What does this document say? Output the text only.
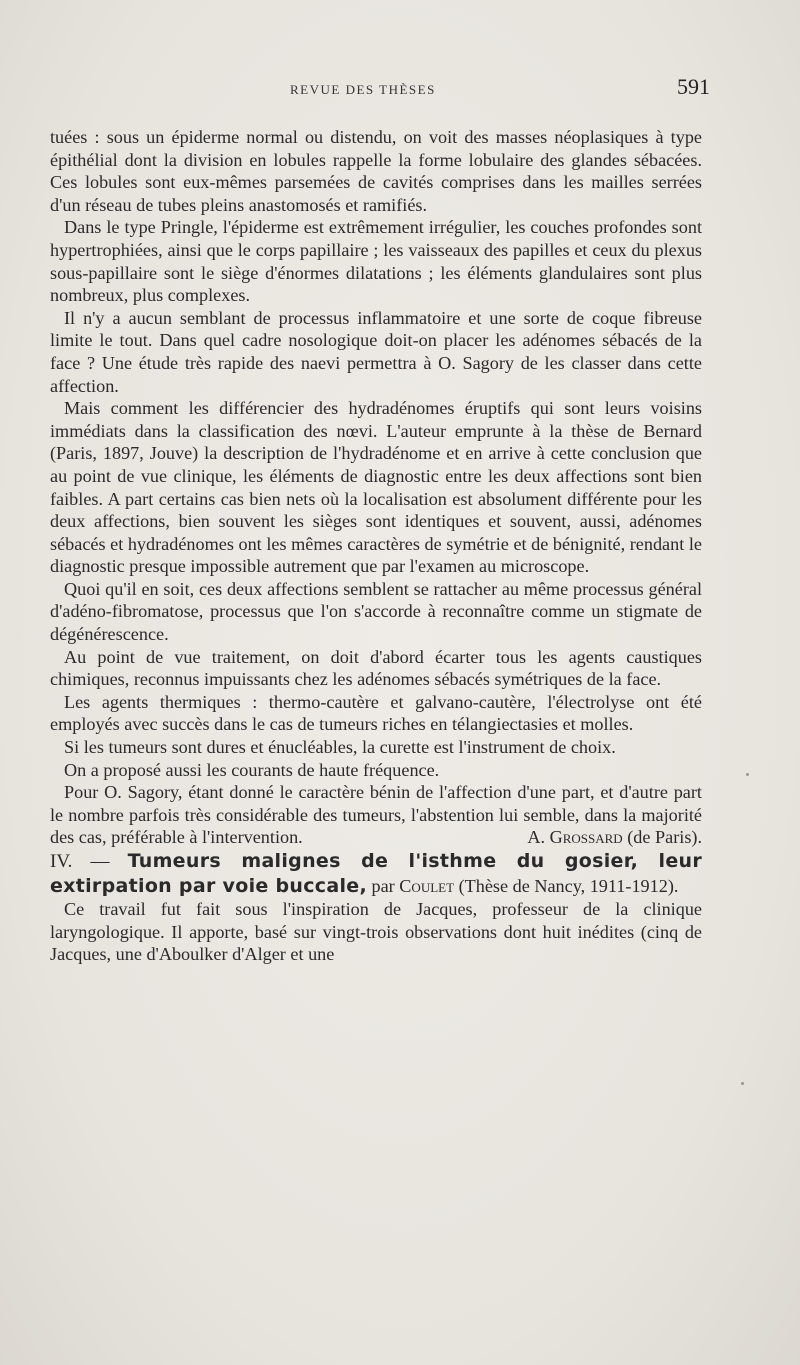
REVUE DES THÈSES	591

tuées : sous un épiderme normal ou distendu, on voit des masses néoplasiques à type épithélial dont la division en lobules rappelle la forme lobulaire des glandes sébacées. Ces lobules sont eux-mêmes parsemées de cavités comprises dans les mailles serrées d'un réseau de tubes pleins anastomosés et ramifiés.

Dans le type Pringle, l'épiderme est extrêmement irrégulier, les couches profondes sont hypertrophiées, ainsi que le corps papillaire ; les vaisseaux des papilles et ceux du plexus sous-papillaire sont le siège d'énormes dilatations ; les éléments glandulaires sont plus nombreux, plus complexes.

Il n'y a aucun semblant de processus inflammatoire et une sorte de coque fibreuse limite le tout. Dans quel cadre nosologique doit-on placer les adénomes sébacés de la face ? Une étude très rapide des naevi permettra à O. Sagory de les classer dans cette affection.

Mais comment les différencier des hydradénomes éruptifs qui sont leurs voisins immédiats dans la classification des nœvi. L'auteur emprunte à la thèse de Bernard (Paris, 1897, Jouve) la description de l'hydradénome et en arrive à cette conclusion que au point de vue clinique, les éléments de diagnostic entre les deux affections sont bien faibles. A part certains cas bien nets où la localisation est absolument différente pour les deux affections, bien souvent les sièges sont identiques et souvent, aussi, adénomes sébacés et hydradénomes ont les mêmes caractères de symétrie et de bénignité, rendant le diagnostic presque impossible autrement que par l'examen au microscope.

Quoi qu'il en soit, ces deux affections semblent se rattacher au même processus général d'adéno-fibromatose, processus que l'on s'accorde à reconnaître comme un stigmate de dégénérescence.

Au point de vue traitement, on doit d'abord écarter tous les agents caustiques chimiques, reconnus impuissants chez les adénomes sébacés symétriques de la face.

Les agents thermiques : thermo-cautère et galvano-cautère, l'électrolyse ont été employés avec succès dans le cas de tumeurs riches en télangiectasies et molles.

Si les tumeurs sont dures et énucléables, la curette est l'instrument de choix.

On a proposé aussi les courants de haute fréquence.

Pour O. Sagory, étant donné le caractère bénin de l'affection d'une part, et d'autre part le nombre parfois très considérable des tumeurs, l'abstention lui semble, dans la majorité des cas, préférable à l'intervention.	A. Grossard (de Paris).

IV. — Tumeurs malignes de l'isthme du gosier, leur extirpation par voie buccale, par Coulet (Thèse de Nancy, 1911-1912).

Ce travail fut fait sous l'inspiration de Jacques, professeur de la clinique laryngologique. Il apporte, basé sur vingt-trois observations dont huit inédites (cinq de Jacques, une d'Aboulker d'Alger et une
